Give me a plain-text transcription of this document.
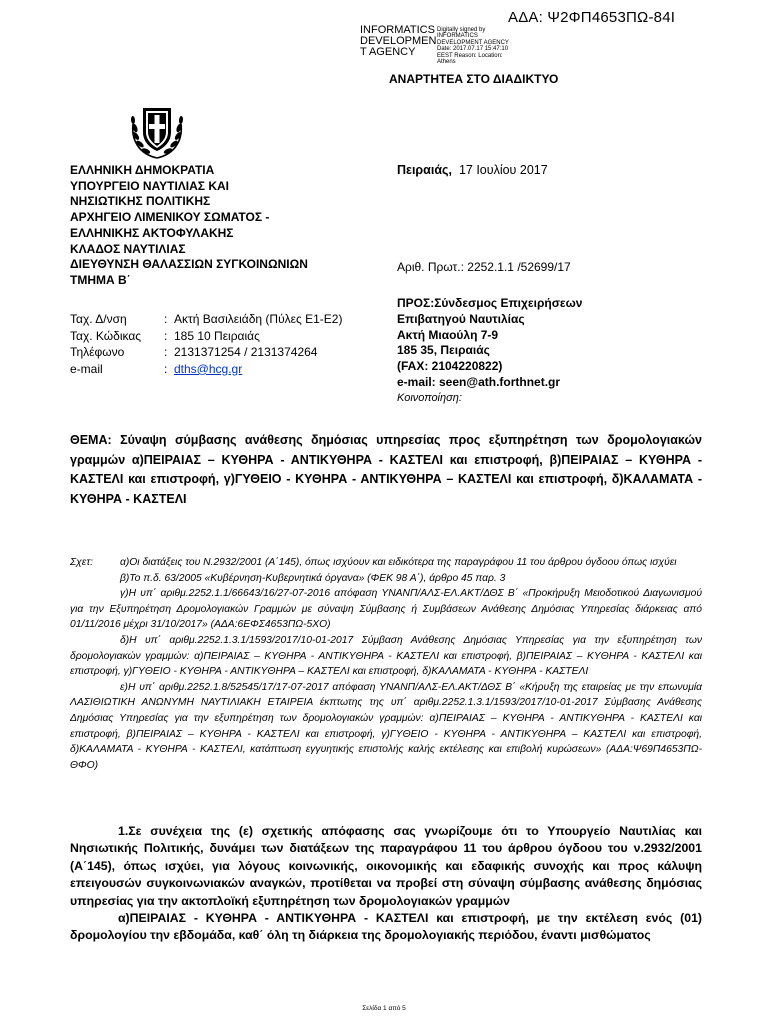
ΑΔΑ: Ψ2ΦΠ4653ΠΩ-84Ι
INFORMATICS DEVELOPMEN T AGENCY
Digitally signed by INFORMATICS DEVELOPMENT AGENCY Date: 2017.07.17 15:47:10 EEST Reason: Location: Athens
ΑΝΑΡΤΗΤΕΑ ΣΤΟ ΔΙΑΔΙΚΤΥΟ
ΕΛΛΗΝΙΚΗ ΔΗΜΟΚΡΑΤΙΑ
ΥΠΟΥΡΓΕΙΟ ΝΑΥΤΙΛΙΑΣ ΚΑΙ
ΝΗΣΙΩΤΙΚΗΣ ΠΟΛΙΤΙΚΗΣ
ΑΡΧΗΓΕΙΟ ΛΙΜΕΝΙΚΟΥ ΣΩΜΑΤΟΣ -
ΕΛΛΗΝΙΚΗΣ ΑΚΤΟΦΥΛΑΚΗΣ
ΚΛΑΔΟΣ ΝΑΥΤΙΛΙΑΣ
ΔΙΕΥΘΥΝΣΗ ΘΑΛΑΣΣΙΩΝ ΣΥΓΚΟΙΝΩΝΙΩΝ
ΤΜΗΜΑ Β΄
Πειραιάς, 17 Ιουλίου 2017
Αριθ. Πρωτ.: 2252.1.1 /52699/17
ΠΡΟΣ:Σύνδεσμος Επιχειρήσεων
Επιβατηγού Ναυτιλίας
Ακτή Μιαούλη 7-9
185 35, Πειραιάς
(FAX: 2104220822)
e-mail: seen@ath.forthnet.gr
Κοινοποίηση:
Ταχ. Δ/νση	: Ακτή Βασιλειάδη (Πύλες Ε1-Ε2)
Ταχ. Κώδικας	: 185 10 Πειραιάς
Τηλέφωνο	: 2131371254 / 2131374264
e-mail	: dths@hcg.gr
ΘΕΜΑ: Σύναψη σύμβασης ανάθεσης δημόσιας υπηρεσίας προς εξυπηρέτηση των δρομολογιακών γραμμών α)ΠΕΙΡΑΙΑΣ – ΚΥΘΗΡΑ - ΑΝΤΙΚΥΘΗΡΑ - ΚΑΣΤΕΛΙ και επιστροφή, β)ΠΕΙΡΑΙΑΣ – ΚΥΘΗΡΑ - ΚΑΣΤΕΛΙ και επιστροφή, γ)ΓΥΘΕΙΟ - ΚΥΘΗΡΑ - ΑΝΤΙΚΥΘΗΡΑ – ΚΑΣΤΕΛΙ και επιστροφή, δ)ΚΑΛΑΜΑΤΑ - ΚΥΘΗΡΑ - ΚΑΣΤΕΛΙ
Σχετ:	α)Οι διατάξεις του Ν.2932/2001 (Α΄145), όπως ισχύουν και ειδικότερα της παραγράφου 11 του άρθρου όγδοου όπως ισχύει
β)Το π.δ. 63/2005 «Κυβέρνηση-Κυβερνητικά όργανα» (ΦΕΚ 98 Α΄), άρθρο 45 παρ. 3
γ)Η υπ΄ αριθμ.2252.1.1/66643/16/27-07-2016 απόφαση ΥΝΑΝΠ/ΑΛΣ-ΕΛ.ΑΚΤ/ΔΘΣ Β΄ «Προκήρυξη Μειοδοτικού Διαγωνισμού για την Εξυπηρέτηση Δρομολογιακών Γραμμών με σύναψη Σύμβασης ή Συμβάσεων Ανάθεσης Δημόσιας Υπηρεσίας διάρκειας από 01/11/2016 μέχρι 31/10/2017» (ΑΔΑ:6ΕΦΣ4653ΠΩ-5ΧΟ)
δ)Η υπ΄ αριθμ.2252.1.3.1/1593/2017/10-01-2017 Σύμβαση Ανάθεσης Δημόσιας Υπηρεσίας για την εξυπηρέτηση των δρομολογιακών γραμμών: α)ΠΕΙΡΑΙΑΣ – ΚΥΘΗΡΑ - ΑΝΤΙΚΥΘΗΡΑ - ΚΑΣΤΕΛΙ και επιστροφή, β)ΠΕΙΡΑΙΑΣ – ΚΥΘΗΡΑ - ΚΑΣΤΕΛΙ και επιστροφή, γ)ΓΥΘΕΙΟ - ΚΥΘΗΡΑ - ΑΝΤΙΚΥΘΗΡΑ – ΚΑΣΤΕΛΙ και επιστροφή, δ)ΚΑΛΑΜΑΤΑ - ΚΥΘΗΡΑ - ΚΑΣΤΕΛΙ
ε)Η υπ΄ αριθμ.2252.1.8/52545/17/17-07-2017 απόφαση ΥΝΑΝΠ/ΑΛΣ-ΕΛ.ΑΚΤ/ΔΘΣ Β΄ «Κήρυξη της εταιρείας με την επωνυμία ΛΑΣΙΘΙΩΤΙΚΗ ΑΝΩΝΥΜΗ ΝΑΥΤΙΛΙΑΚΗ ΕΤΑΙΡΕΙΑ έκπτωτης της υπ΄ αριθμ.2252.1.3.1/1593/2017/10-01-2017 Σύμβασης Ανάθεσης Δημόσιας Υπηρεσίας για την εξυπηρέτηση των δρομολογιακών γραμμών: α)ΠΕΙΡΑΙΑΣ – ΚΥΘΗΡΑ - ΑΝΤΙΚΥΘΗΡΑ - ΚΑΣΤΕΛΙ και επιστροφή, β)ΠΕΙΡΑΙΑΣ – ΚΥΘΗΡΑ - ΚΑΣΤΕΛΙ και επιστροφή, γ)ΓΥΘΕΙΟ - ΚΥΘΗΡΑ - ΑΝΤΙΚΥΘΗΡΑ – ΚΑΣΤΕΛΙ και επιστροφή, δ)ΚΑΛΑΜΑΤΑ - ΚΥΘΗΡΑ - ΚΑΣΤΕΛΙ, κατάπτωση εγγυητικής επιστολής καλής εκτέλεσης και επιβολή κυρώσεων» (ΑΔΑ:Ψ69Π4653ΠΩ-ΘΦΟ)

1.Σε συνέχεια της (ε) σχετικής απόφασης σας γνωρίζουμε ότι το Υπουργείο Ναυτιλίας και Νησιωτικής Πολιτικής, δυνάμει των διατάξεων της παραγράφου 11 του άρθρου όγδοου του ν.2932/2001 (Α΄145), όπως ισχύει, για λόγους κοινωνικής, οικονομικής και εδαφικής συνοχής και προς κάλυψη επειγουσών συγκοινωνιακών αναγκών, προτίθεται να προβεί στη σύναψη σύμβασης ανάθεσης δημόσιας υπηρεσίας για την ακτοπλοϊκή εξυπηρέτηση των δρομολογιακών γραμμών

α)ΠΕΙΡΑΙΑΣ - ΚΥΘΗΡΑ - ΑΝΤΙΚΥΘΗΡΑ - ΚΑΣΤΕΛΙ και επιστροφή, με την εκτέλεση ενός (01) δρομολογίου την εβδομάδα, καθ΄ όλη τη διάρκεια της δρομολογιακής περιόδου, έναντι μισθώματος

Σελίδα 1 από 5
